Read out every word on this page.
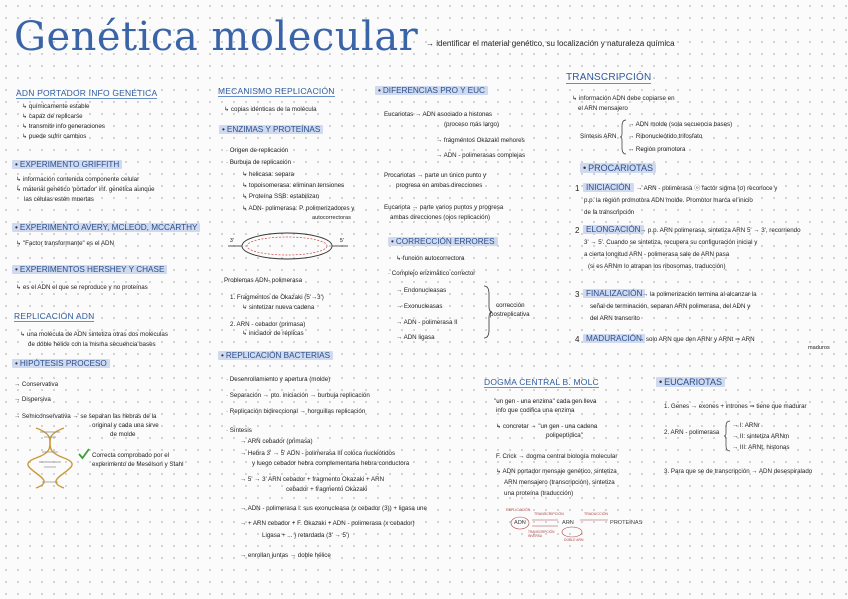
Genética molecular → identificar el material genético, su localización y naturaleza química
ADN PORTADOR INFO GENÉTICA
↳ químicamente estable
↳ capaz de replicarse
↳ transmitir info generaciones
↳ puede sufrir cambios
• EXPERIMENTO GRIFFITH
↳ información contenida componente celular
↳ material genético 'portador' inf. genética aunque
las células estén muertas
• EXPERIMENTO AVERY, MCLEOD, MCCARTHY
↳ "Factor transformante" es el ADN
• EXPERIMENTOS HERSHEY Y CHASE
↳ es el ADN el que se reproduce y no proteínas
REPLICACIÓN ADN
↳ una molécula de ADN sintetiza otras dos moléculas
de doble hélice con la misma secuencia bases
• HIPÓTESIS PROCESO
→ Conservativa
→ Dispersiva
→ Semiconservativa → se separan las hebras de la
original y cada una sirve
de molde
Correcta comprobado por el
experimento de Meselson y Stahl
MECANISMO REPLICACIÓN
↳ copias idénticas de la molécula
• ENZIMAS Y PROTEÍNAS
· Origen de replicación
· Burbuja de replicación
↳ helicasa: separa
↳ topoisomerasa: eliminan tensiones
↳ Proteína SSB: estabilizan
↳ ADN- polimerasa: P. polimerizadores y
autocorrectoras
3'	5'
Problemas ADN- polimerasa
1. Fragmentos de Okazaki (5'→3')
↳ sintetizar nueva cadena
2. ARN - cebador (primasa)
↳ iniciador de réplicas
• DIFERENCIAS PRO Y EUC
Eucariotas → ADN asociado a histonas
(proceso más largo)
→ fragmentos Okazaki menores
→ ADN - polimerasas complejas
Procariotas → parte un único punto y
progresa en ambas direcciones
Eucariota → parte varios puntos y progresa
ambas direcciones (ojos replicación)
• CORRECCIÓN ERRORES
↳ función autocorrectora
· Complejo enzimático corrector
→ Endonucleasas
→ Exonucleasas
→ ADN - polimerasa II
→ ADN ligasa
corrección
postreplicativa
• REPLICACIÓN BACTERIAS
· Desenrollamiento y apertura (molde)
· Separación → pto. iniciación → burbuja replicación
· Replicación bidireccional → horquillas replicación
· Síntesis
→ ARN cebador (primasa)
→ Hebra 3' → 5' ADN - polimerasa III coloca nucleótidos
y luego cebador hebra complementaria hebra conductora
→ 5' → 3' ARN cebador + fragmento Okazaki + ARN
cebador + fragmento Okazaki
→ ADN - polimerasa I: sus exonucleasa (x cebador (3)) + ligasa une
→ + ARN cebador + F. Okazaki + ADN - polimerasa (x cebador)
Ligasa + ... } retardada (3' → 5')
→ enrollan juntas → doble hélice
TRANSCRIPCIÓN
↳ información ADN debe copiarse en
el ARN mensajero
Síntesis ARN
→ ADN molde (sola secuencia bases)
→ Ribonucleótido trifosfato
→ Región promotora
• PROCARIOTAS
1 INICIACIÓN → ARN - polimerasa ⓞ factor sigma (σ) reconoce y
p.p. la región promotora ADN molde. Promotor marca el inicio
de la transcripción
2 ELONGACIÓN → p.p. ARN polimerasa, sintetiza ARN 5' → 3', recorriendo
3' → 5'. Cuando se sintetiza, recupera su configuración inicial y
a cierta longitud ARN - polimerasa sale de ARN pasa
(si es ARNm lo atrapan los ribosomas, traducción)
3 FINALIZACIÓN → la polimerización termina al alcanzar la
señal de terminación, separan ARN polimerasa, del ADN y
del ARN transcrito
4 MADURACIÓN
→ solo ARN que den ARNr y ARNt ⇒ ARN
maduros
DOGMA CENTRAL B. MOLC
"un gen - una enzima" cada gen lleva
info que codifica una enzima
↳ concretar → "un gen - una cadena
polipeptídica"
F. Crick → dogma central biología molecular
↳ ADN portador mensaje genético, sintetiza
ARN mensajero (transcripción), sintetiza
una proteína (traducción)
ADN	ARN	PROTEÍNAS
REPLICACIÓN
TRANSCRIPCIÓN
TRANSCRIPCIÓN INVERSA
TRADUCCIÓN
DOBLE ARN
• EUCARIOTAS
1. Genes → exones + intrones ⇒ tiene que madurar
2. ARN - polimerasa
→ I: ARNr
→ II: sintetiza ARNm
→ III: ARNt, histonas
3. Para que se de transcripción → ADN desespiralado
